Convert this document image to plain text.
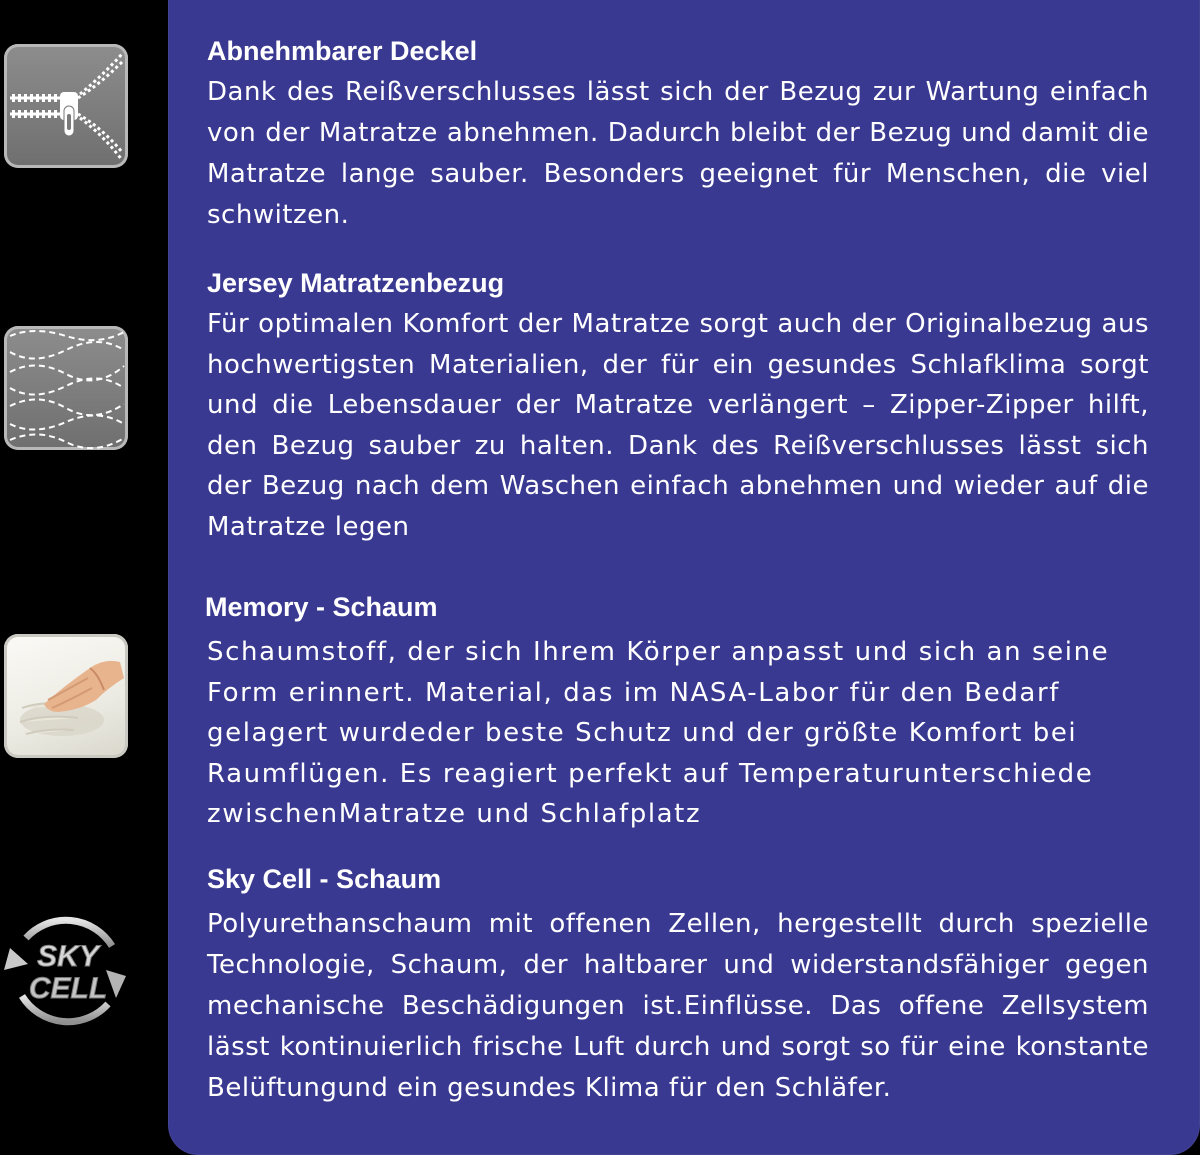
SKY
CELL
Abnehmbarer Deckel

Dank des Reißverschlusses lässt sich der Bezug zur Wartung einfach von der Matratze abnehmen. Dadurch bleibt der Bezug und damit die Matratze lange sauber. Besonders geeignet für Menschen, die viel schwitzen.

Jersey Matratzenbezug

Für optimalen Komfort der Matratze sorgt auch der Originalbezug aus hochwertigsten Materialien, der für ein gesundes Schlafklima sorgt und die Lebensdauer der Matratze verlängert – Zipper-Zipper hilft, den Bezug sauber zu halten. Dank des Reißverschlusses lässt sich der Bezug nach dem Waschen einfach abnehmen und wieder auf die Matratze legen

Memory - Schaum

Schaumstoff, der sich Ihrem Körper anpasst und sich an seine Form erinnert. Material, das im NASA-Labor für den Bedarf gelagert wurdeder beste Schutz und der größte Komfort bei Raumflügen. Es reagiert perfekt auf Temperaturunterschiede zwischenMatratze und Schlafplatz

Sky Cell - Schaum

Polyurethanschaum mit offenen Zellen, hergestellt durch spezielle Technologie, Schaum, der haltbarer und widerstandsfähiger gegen mechanische Beschädigungen ist.Einflüsse. Das offene Zellsystem lässt kontinuierlich frische Luft durch und sorgt so für eine konstante Belüftungund ein gesundes Klima für den Schläfer.
